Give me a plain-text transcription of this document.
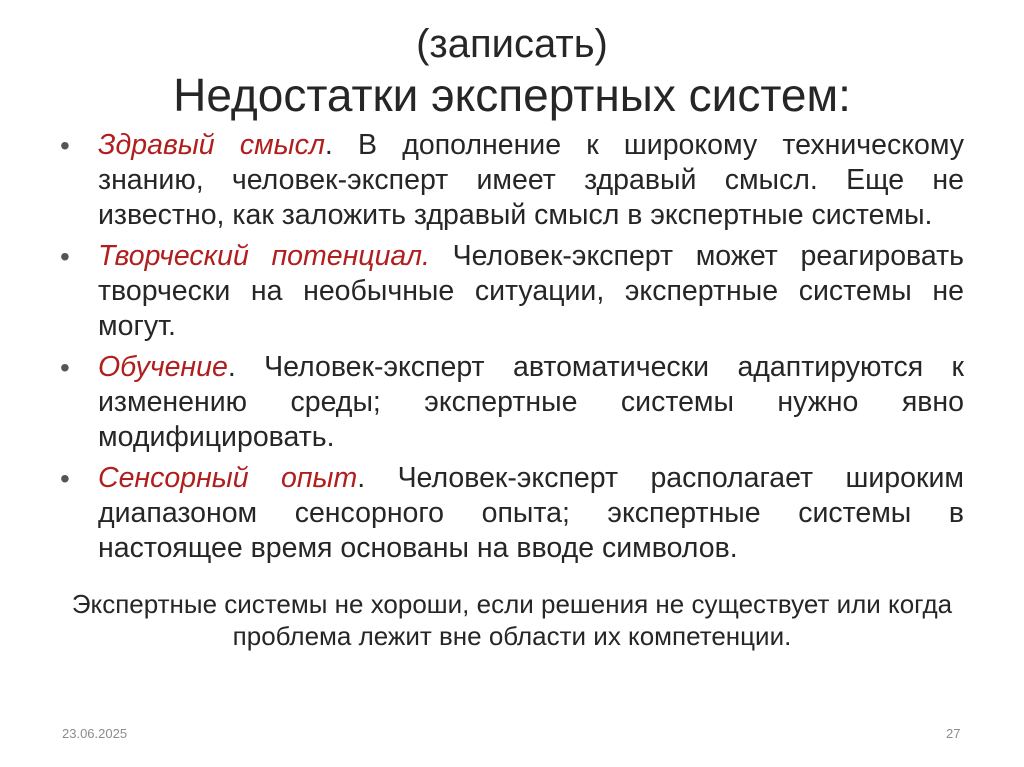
(записать)
Недостатки экспертных систем:
• Здравый смысл. В дополнение к широкому техническому знанию, человек-эксперт имеет здравый смысл. Еще не известно, как заложить здравый смысл в экспертные системы.
• Творческий потенциал. Человек-эксперт может реагировать творчески на необычные ситуации, экспертные системы не могут.
• Обучение. Человек-эксперт автоматически адаптируются к изменению среды; экспертные системы нужно явно модифицировать.
• Сенсорный опыт. Человек-эксперт располагает широким диапазоном сенсорного опыта; экспертные системы в настоящее время основаны на вводе символов.
Экспертные системы не хороши, если решения не существует или когда проблема лежит вне области их компетенции.
23.06.2025	27
